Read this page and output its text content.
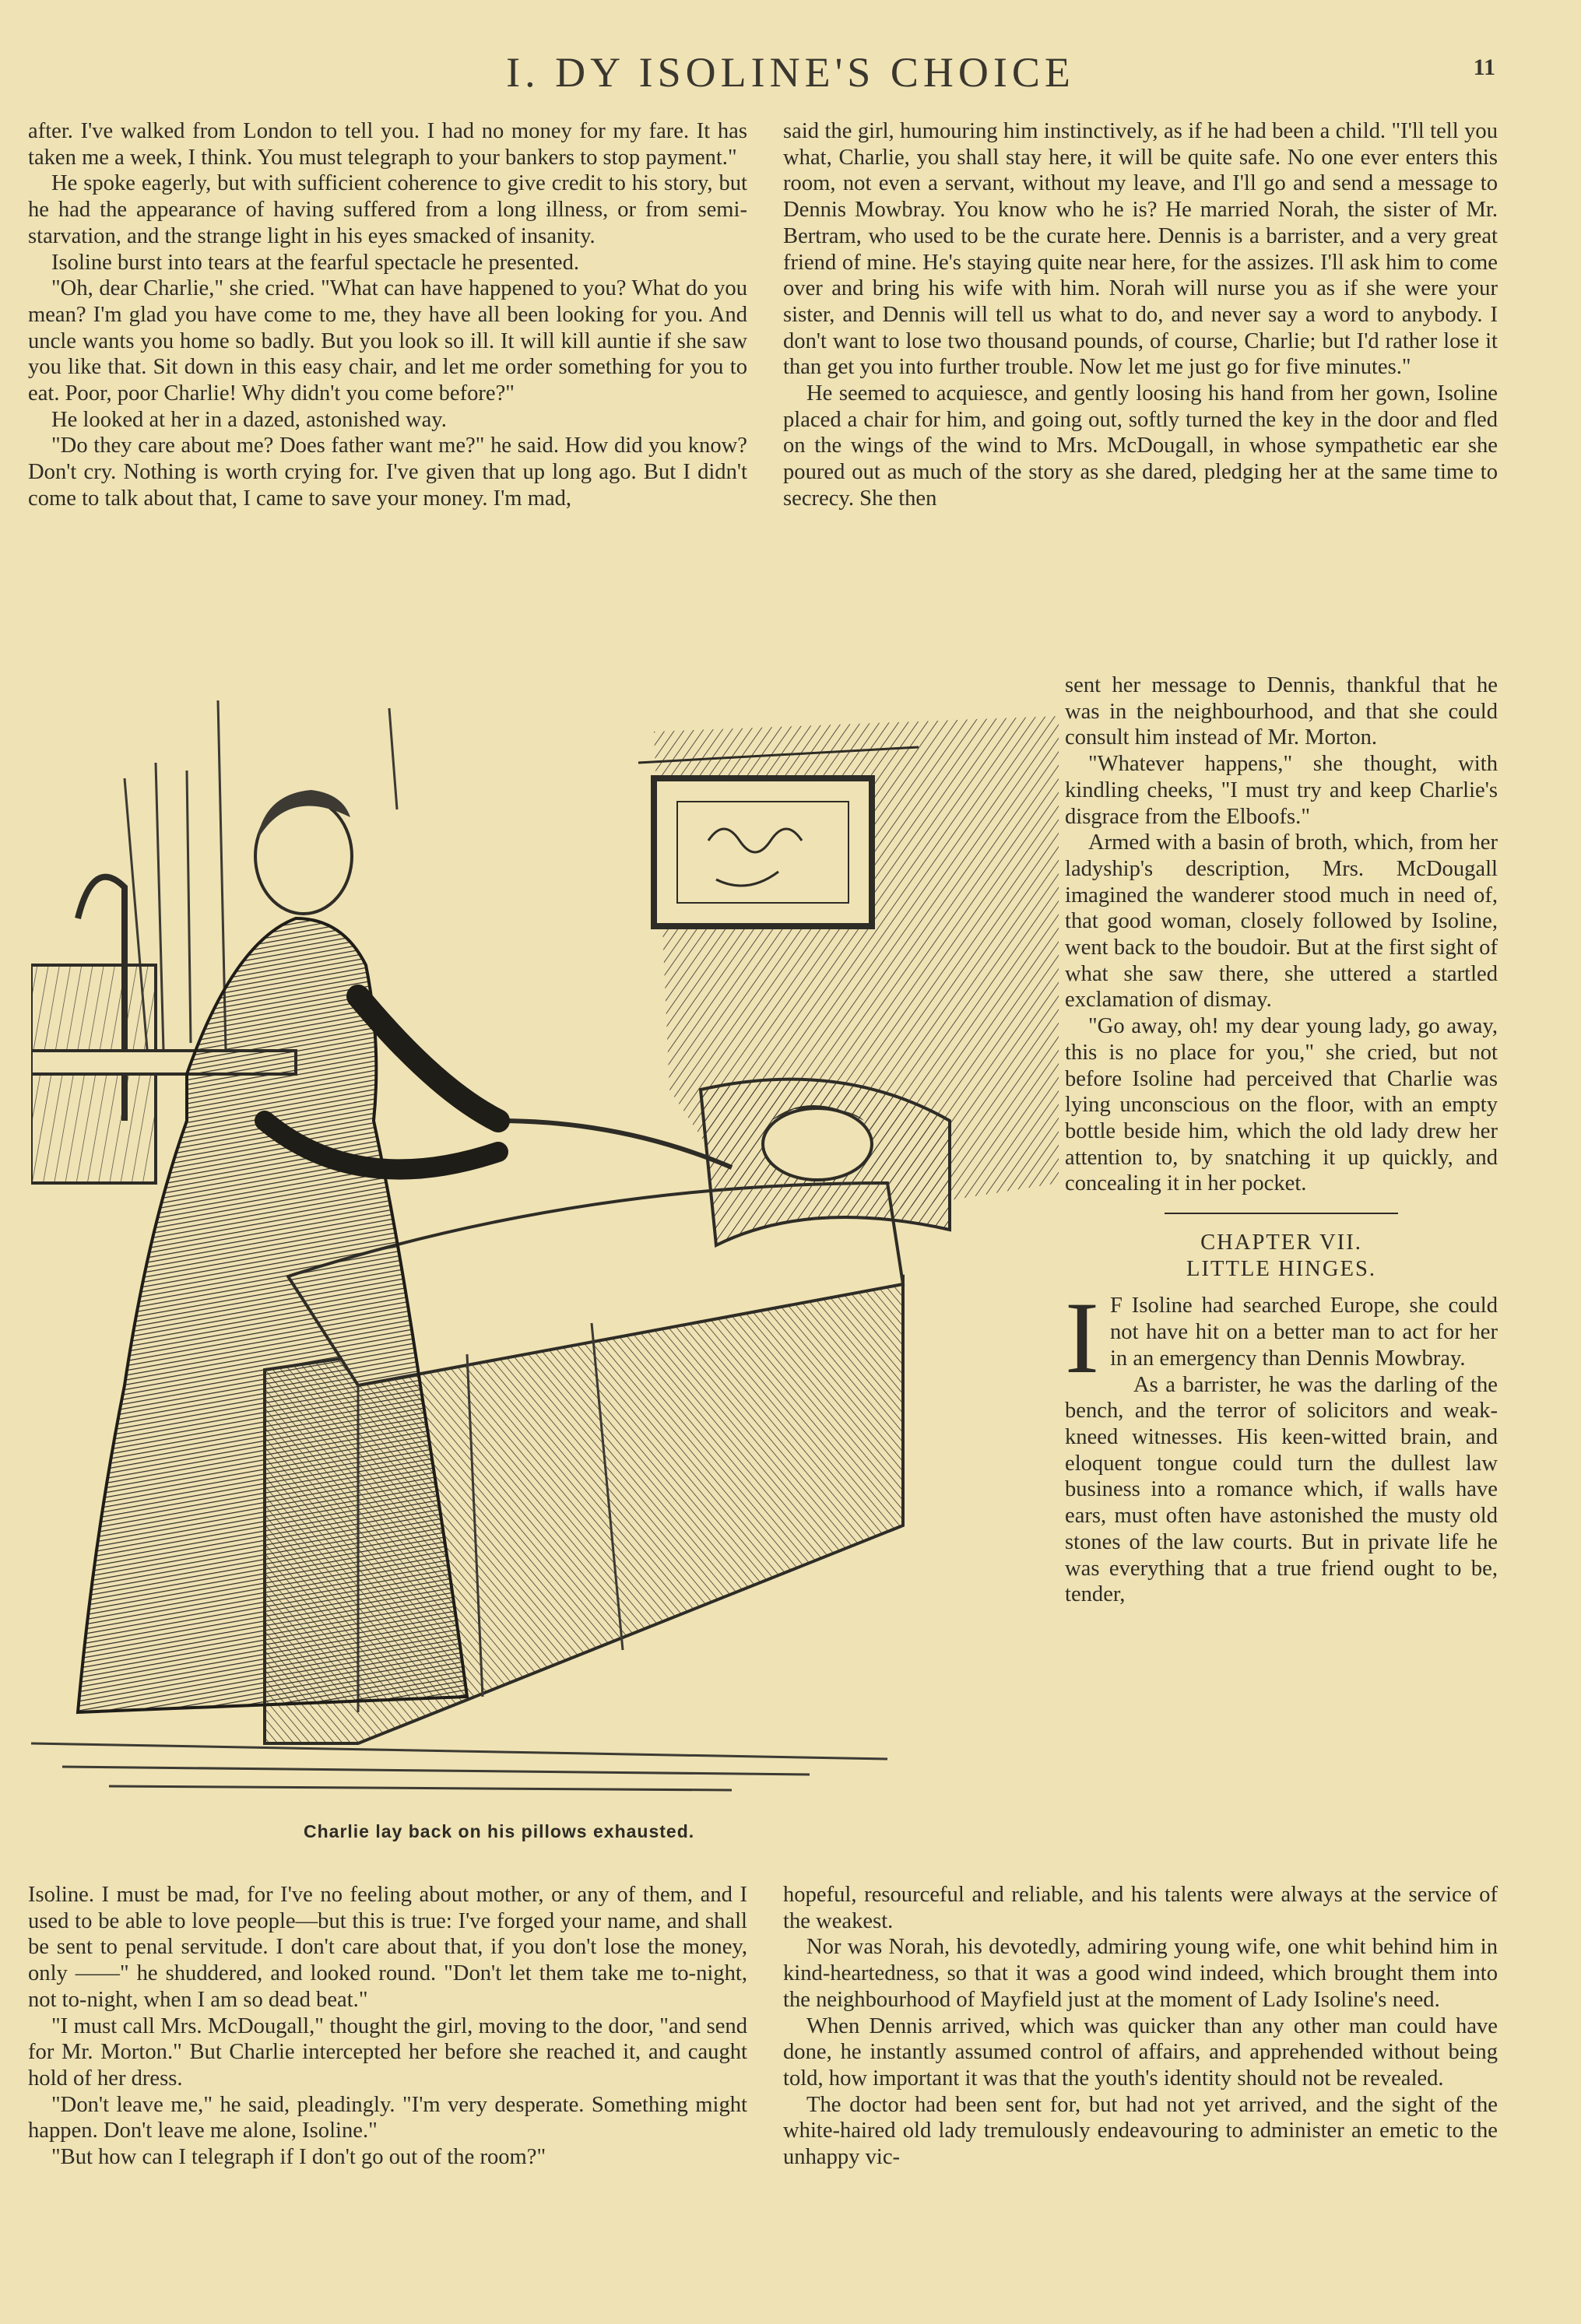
I. DY ISOLINE'S CHOICE	11

after. I've walked from London to tell you. I had no money for my fare. It has taken me a week, I think. You must telegraph to your bankers to stop payment."

He spoke eagerly, but with sufficient coherence to give credit to his story, but he had the appearance of having suffered from a long illness, or from semi-starvation, and the strange light in his eyes smacked of insanity.

Isoline burst into tears at the fearful spectacle he presented.

"Oh, dear Charlie," she cried. "What can have happened to you? What do you mean? I'm glad you have come to me, they have all been looking for you. And uncle wants you home so badly. But you look so ill. It will kill auntie if she saw you like that. Sit down in this easy chair, and let me order something for you to eat. Poor, poor Charlie! Why didn't you come before?"

He looked at her in a dazed, astonished way.

"Do they care about me? Does father want me?" he said. How did you know? Don't cry. Nothing is worth crying for. I've given that up long ago. But I didn't come to talk about that, I came to save your money. I'm mad,

said the girl, humouring him instinctively, as if he had been a child. "I'll tell you what, Charlie, you shall stay here, it will be quite safe. No one ever enters this room, not even a servant, without my leave, and I'll go and send a message to Dennis Mowbray. You know who he is? He married Norah, the sister of Mr. Bertram, who used to be the curate here. Dennis is a barrister, and a very great friend of mine. He's staying quite near here, for the assizes. I'll ask him to come over and bring his wife with him. Norah will nurse you as if she were your sister, and Dennis will tell us what to do, and never say a word to anybody. I don't want to lose two thousand pounds, of course, Charlie; but I'd rather lose it than get you into further trouble. Now let me just go for five minutes."

He seemed to acquiesce, and gently loosing his hand from her gown, Isoline placed a chair for him, and going out, softly turned the key in the door and fled on the wings of the wind to Mrs. McDougall, in whose sympathetic ear she poured out as much of the story as she dared, pledging her at the same time to secrecy. She then

sent her message to Dennis, thankful that he was in the neighbourhood, and that she could consult him instead of Mr. Morton.

"Whatever happens," she thought, with kindling cheeks, "I must try and keep Charlie's disgrace from the Elboofs."

Armed with a basin of broth, which, from her ladyship's description, Mrs. McDougall imagined the wanderer stood much in need of, that good woman, closely followed by Isoline, went back to the boudoir. But at the first sight of what she saw there, she uttered a startled exclamation of dismay.

"Go away, oh! my dear young lady, go away, this is no place for you," she cried, but not before Isoline had perceived that Charlie was lying unconscious on the floor, with an empty bottle beside him, which the old lady drew her attention to, by snatching it up quickly, and concealing it in her pocket.

CHAPTER VII.

LITTLE HINGES.

I F Isoline had searched Europe, she could not have hit on a better man to act for her in an emergency than Dennis Mowbray.

As a barrister, he was the darling of the bench, and the terror of solicitors and weak-kneed witnesses. His keen-witted brain, and eloquent tongue could turn the dullest law business into a romance which, if walls have ears, must often have astonished the musty old stones of the law courts. But in private life he was everything that a true friend ought to be, tender,

Charlie lay back on his pillows exhausted.

Isoline. I must be mad, for I've no feeling about mother, or any of them, and I used to be able to love people—but this is true: I've forged your name, and shall be sent to penal servitude. I don't care about that, if you don't lose the money, only ——" he shuddered, and looked round. "Don't let them take me to-night, not to-night, when I am so dead beat."

"I must call Mrs. McDougall," thought the girl, moving to the door, "and send for Mr. Morton." But Charlie intercepted her before she reached it, and caught hold of her dress.

"Don't leave me," he said, pleadingly. "I'm very desperate. Something might happen. Don't leave me alone, Isoline."

"But how can I telegraph if I don't go out of the room?"

hopeful, resourceful and reliable, and his talents were always at the service of the weakest.

Nor was Norah, his devotedly, admiring young wife, one whit behind him in kind-heartedness, so that it was a good wind indeed, which brought them into the neighbourhood of Mayfield just at the moment of Lady Isoline's need.

When Dennis arrived, which was quicker than any other man could have done, he instantly assumed control of affairs, and apprehended without being told, how important it was that the youth's identity should not be revealed.

The doctor had been sent for, but had not yet arrived, and the sight of the white-haired old lady tremulously endeavouring to administer an emetic to the unhappy vic-
